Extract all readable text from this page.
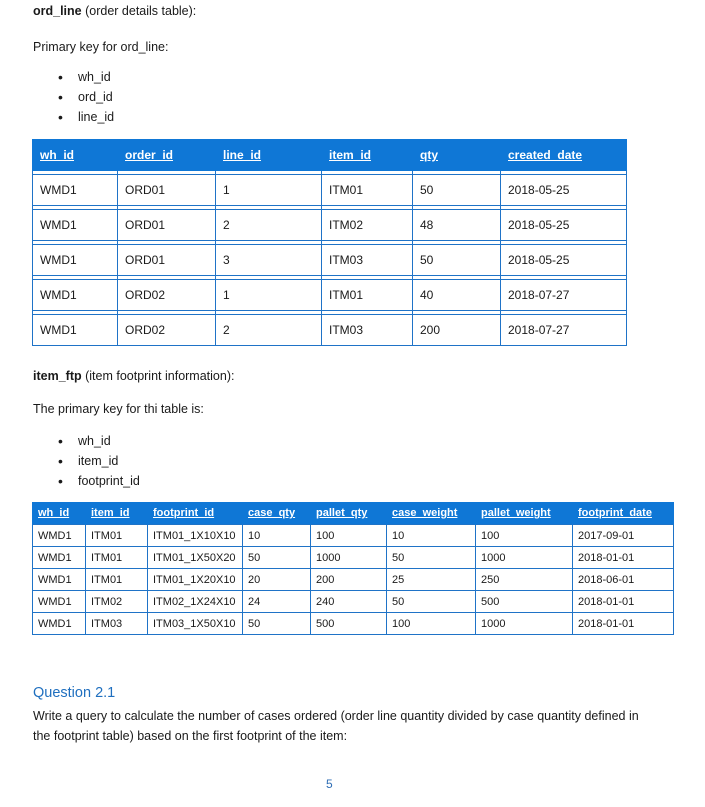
ord_line (order details table):
Primary key for ord_line:
• wh_id
• ord_id
• line_id
wh_id	order_id	line_id	item_id	qty	created_date

WMD1	ORD01	1	ITM01	50	2018-05-25

WMD1	ORD01	2	ITM02	48	2018-05-25

WMD1	ORD01	3	ITM03	50	2018-05-25

WMD1	ORD02	1	ITM01	40	2018-07-27

WMD1	ORD02	2	ITM03	200	2018-07-27
item_ftp (item footprint information):
The primary key for thi table is:
• wh_id
• item_id
• footprint_id
wh_id	item_id	footprint_id	case_qty	pallet_qty	case_weight	pallet_weight	footprint_date
WMD1	ITM01	ITM01_1X10X10	10	100	10	100	2017-09-01
WMD1	ITM01	ITM01_1X50X20	50	1000	50	1000	2018-01-01
WMD1	ITM01	ITM01_1X20X10	20	200	25	250	2018-06-01
WMD1	ITM02	ITM02_1X24X10	24	240	50	500	2018-01-01
WMD1	ITM03	ITM03_1X50X10	50	500	100	1000	2018-01-01
Question 2.1
Write a query to calculate the number of cases ordered (order line quantity divided by case quantity defined in the footprint table) based on the first footprint of the item:
5
